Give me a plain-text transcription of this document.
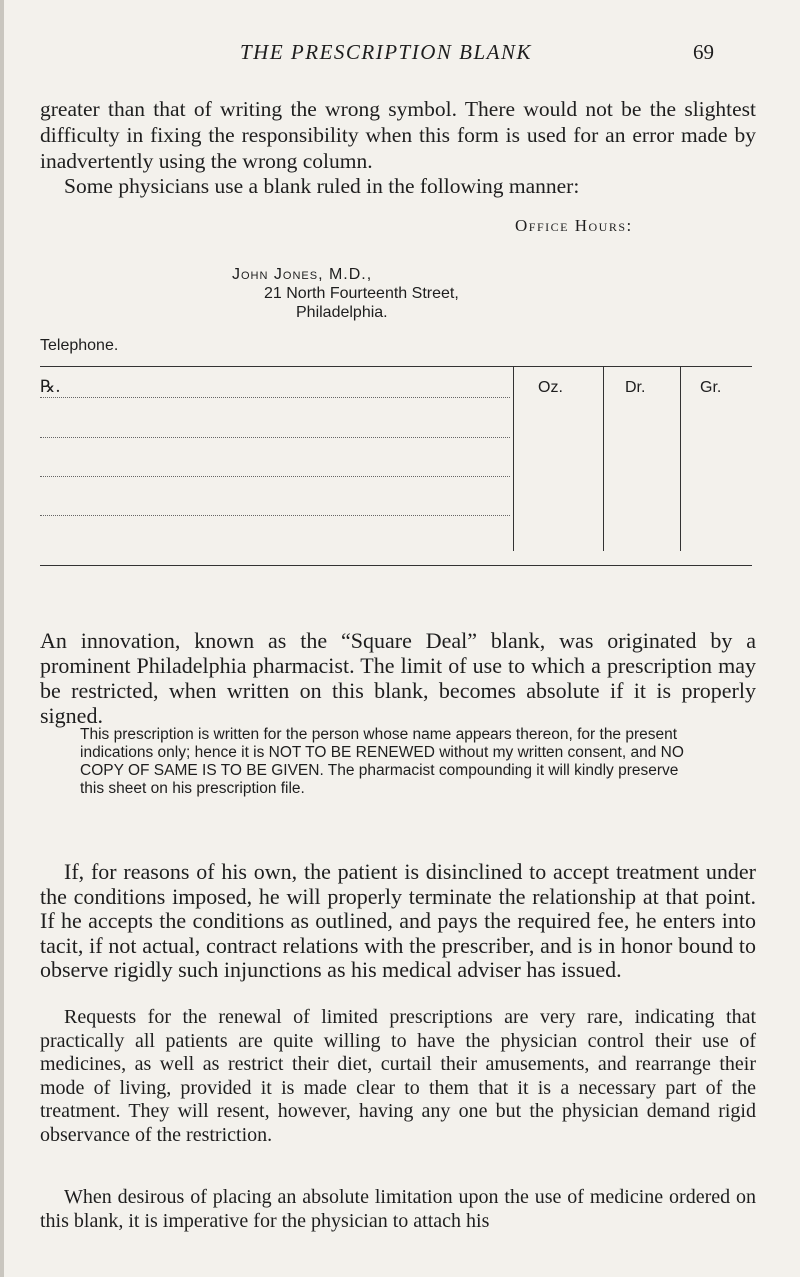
THE PRESCRIPTION BLANK	69

greater than that of writing the wrong symbol. There would not be the slightest difficulty in fixing the responsibility when this form is used for an error made by inadvertently using the wrong column.

Some physicians use a blank ruled in the following manner:
Office Hours:
John Jones, M.D.,
21 North Fourteenth Street,
Philadelphia.
Telephone.
℞.	Oz.	Dr.	Gr.

An innovation, known as the “Square Deal” blank, was originated by a prominent Philadelphia pharmacist. The limit of use to which a prescription may be restricted, when written on this blank, becomes absolute if it is properly signed.

This prescription is written for the person whose name appears thereon, for the present indications only; hence it is NOT TO BE RENEWED without my written consent, and NO COPY OF SAME IS TO BE GIVEN. The pharmacist compounding it will kindly preserve this sheet on his prescription file.

If, for reasons of his own, the patient is disinclined to accept treatment under the conditions imposed, he will properly terminate the relationship at that point. If he accepts the conditions as outlined, and pays the required fee, he enters into tacit, if not actual, contract relations with the prescriber, and is in honor bound to observe rigidly such injunctions as his medical adviser has issued.

Requests for the renewal of limited prescriptions are very rare, indicating that practically all patients are quite willing to have the physician control their use of medicines, as well as restrict their diet, curtail their amusements, and rearrange their mode of living, provided it is made clear to them that it is a necessary part of the treatment. They will resent, however, having any one but the physician demand rigid observance of the restriction.

When desirous of placing an absolute limitation upon the use of medicine ordered on this blank, it is imperative for the physician to attach his
